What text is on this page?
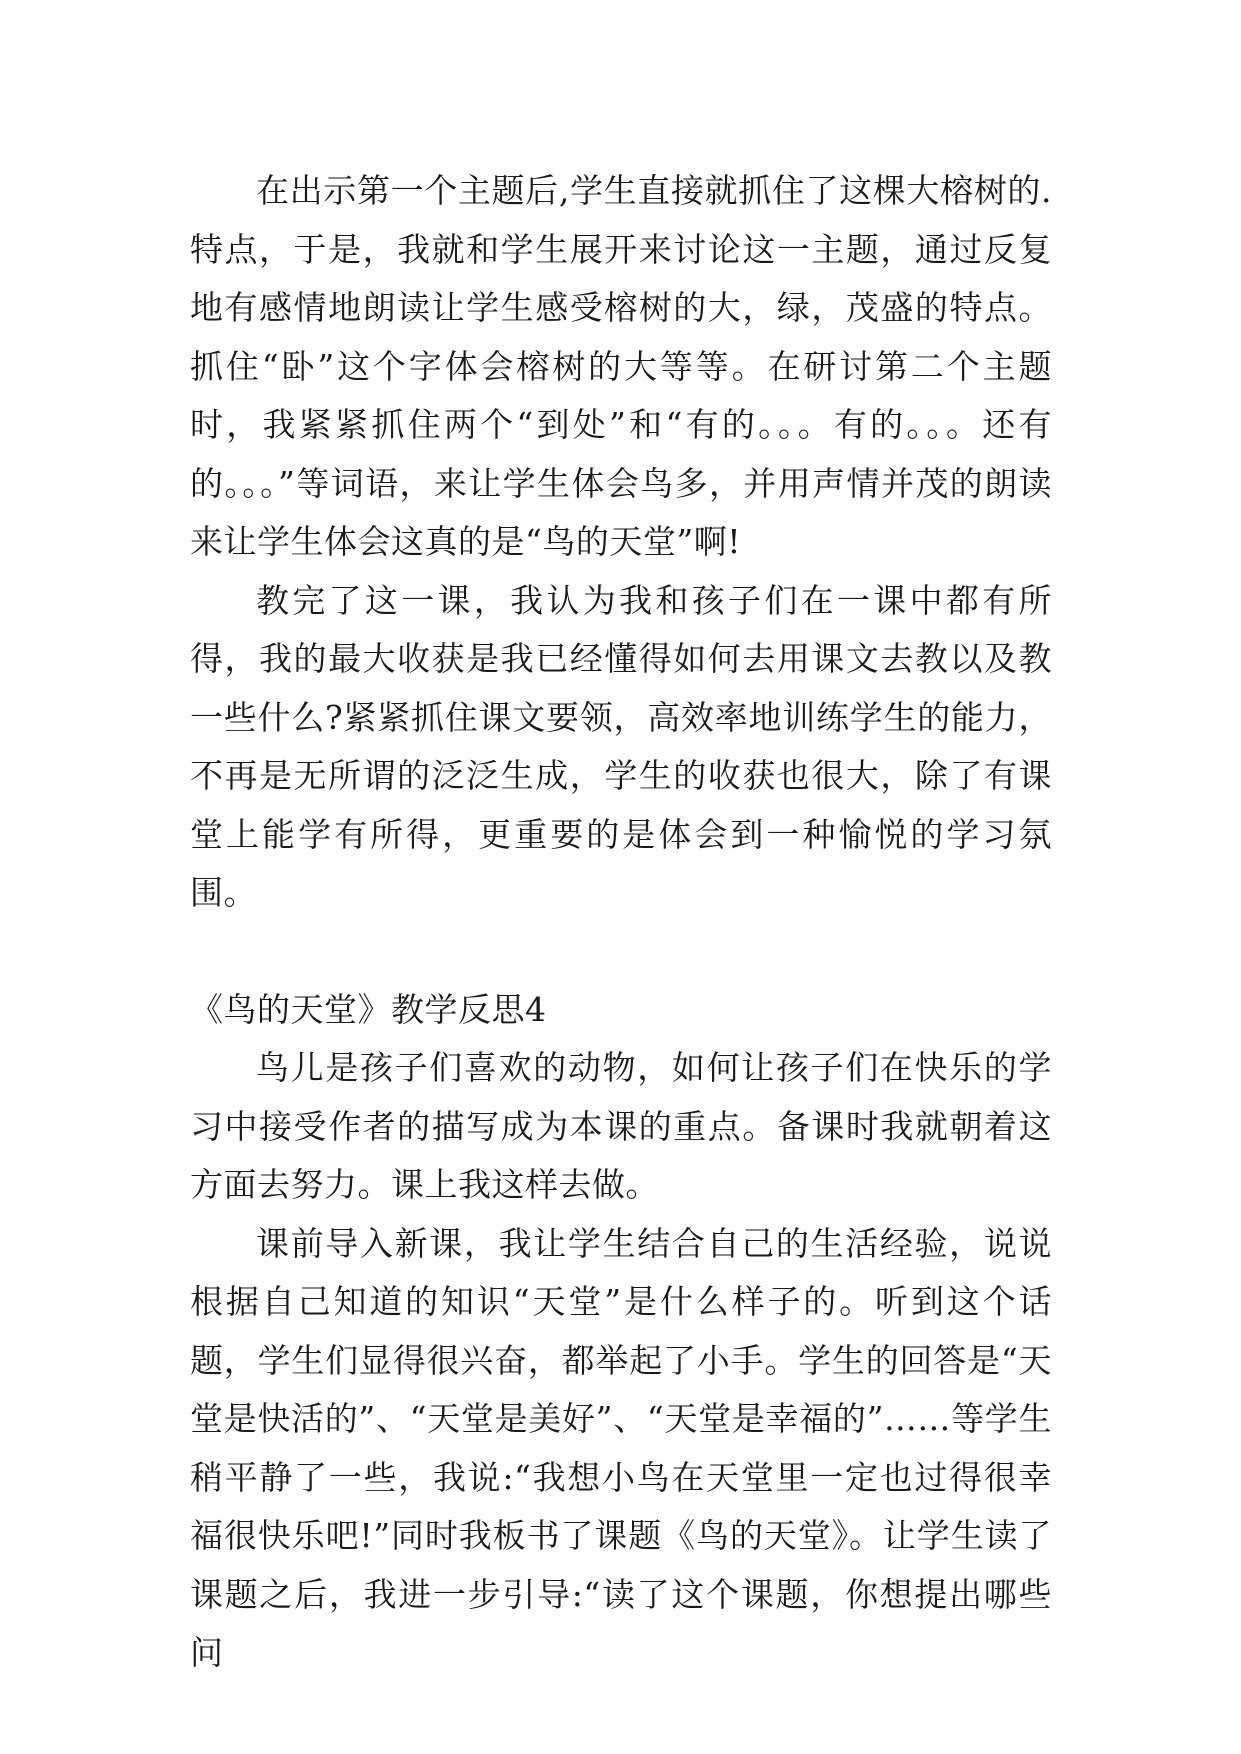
在出示第一个主题后,学生直接就抓住了这棵大榕树的.特点，于是，我就和学生展开来讨论这一主题，通过反复地有感情地朗读让学生感受榕树的大，绿，茂盛的特点。抓住“卧”这个字体会榕树的大等等。在研讨第二个主题时，我紧紧抓住两个“到处”和“有的。。。有的。。。还有的。。。”等词语，来让学生体会鸟多，并用声情并茂的朗读来让学生体会这真的是“鸟的天堂”啊!

教完了这一课，我认为我和孩子们在一课中都有所得，我的最大收获是我已经懂得如何去用课文去教以及教一些什么?紧紧抓住课文要领，高效率地训练学生的能力，不再是无所谓的泛泛生成，学生的收获也很大，除了有课堂上能学有所得，更重要的是体会到一种愉悦的学习氛围。

《鸟的天堂》教学反思4

鸟儿是孩子们喜欢的动物，如何让孩子们在快乐的学习中接受作者的描写成为本课的重点。备课时我就朝着这方面去努力。课上我这样去做。

课前导入新课，我让学生结合自己的生活经验，说说根据自己知道的知识“天堂”是什么样子的。听到这个话题，学生们显得很兴奋，都举起了小手。学生的回答是“天堂是快活的”、“天堂是美好”、“天堂是幸福的”……等学生稍平静了一些，我说:“我想小鸟在天堂里一定也过得很幸福很快乐吧!”同时我板书了课题《鸟的天堂》。让学生读了课题之后，我进一步引导:“读了这个课题，你想提出哪些问
